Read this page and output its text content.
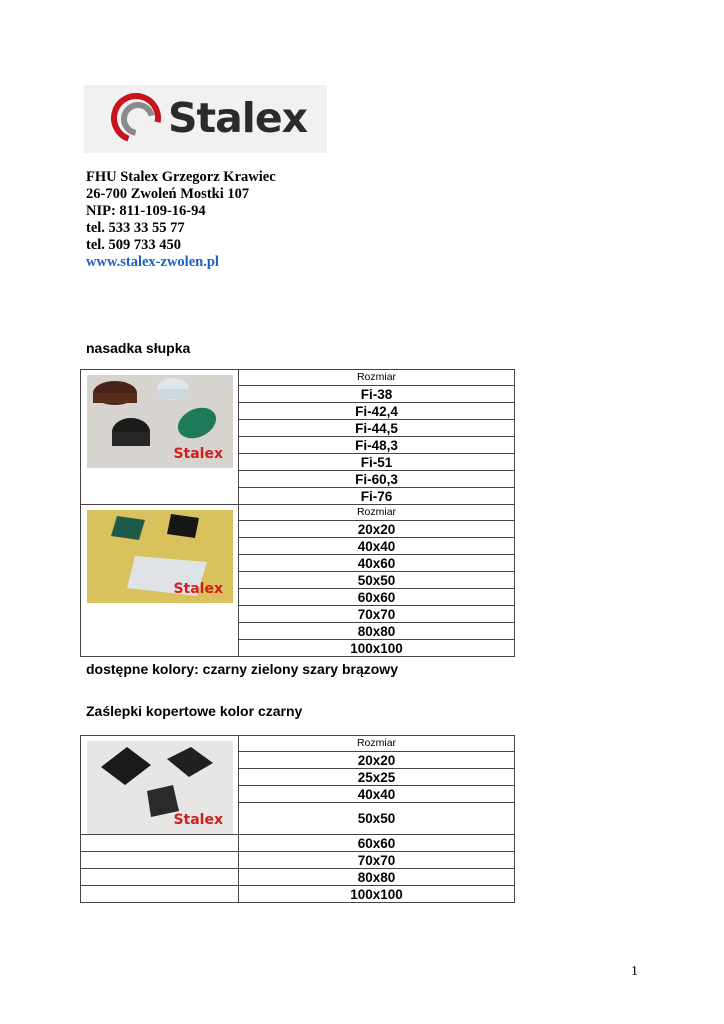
Stalex
FHU Stalex Grzegorz Krawiec
26-700 Zwoleń Mostki 107
NIP: 811-109-16-94
tel. 533 33 55 77
tel. 509 733 450
www.stalex-zwolen.pl
nasadka słupka
Stalex	Rozmiar
	Fi-38
	Fi-42,4
	Fi-44,5
	Fi-48,3
	Fi-51
	Fi-60,3
	Fi-76

Stalex	Rozmiar
	20x20
	40x40
	40x60
	50x50
	60x60
	70x70
	80x80
	100x100
dostępne kolory: czarny zielony szary brązowy
Zaślepki kopertowe kolor czarny
Stalex	Rozmiar
	20x20
	25x25
	40x40
	50x50
	60x60
	70x70
	80x80
	100x100
1
